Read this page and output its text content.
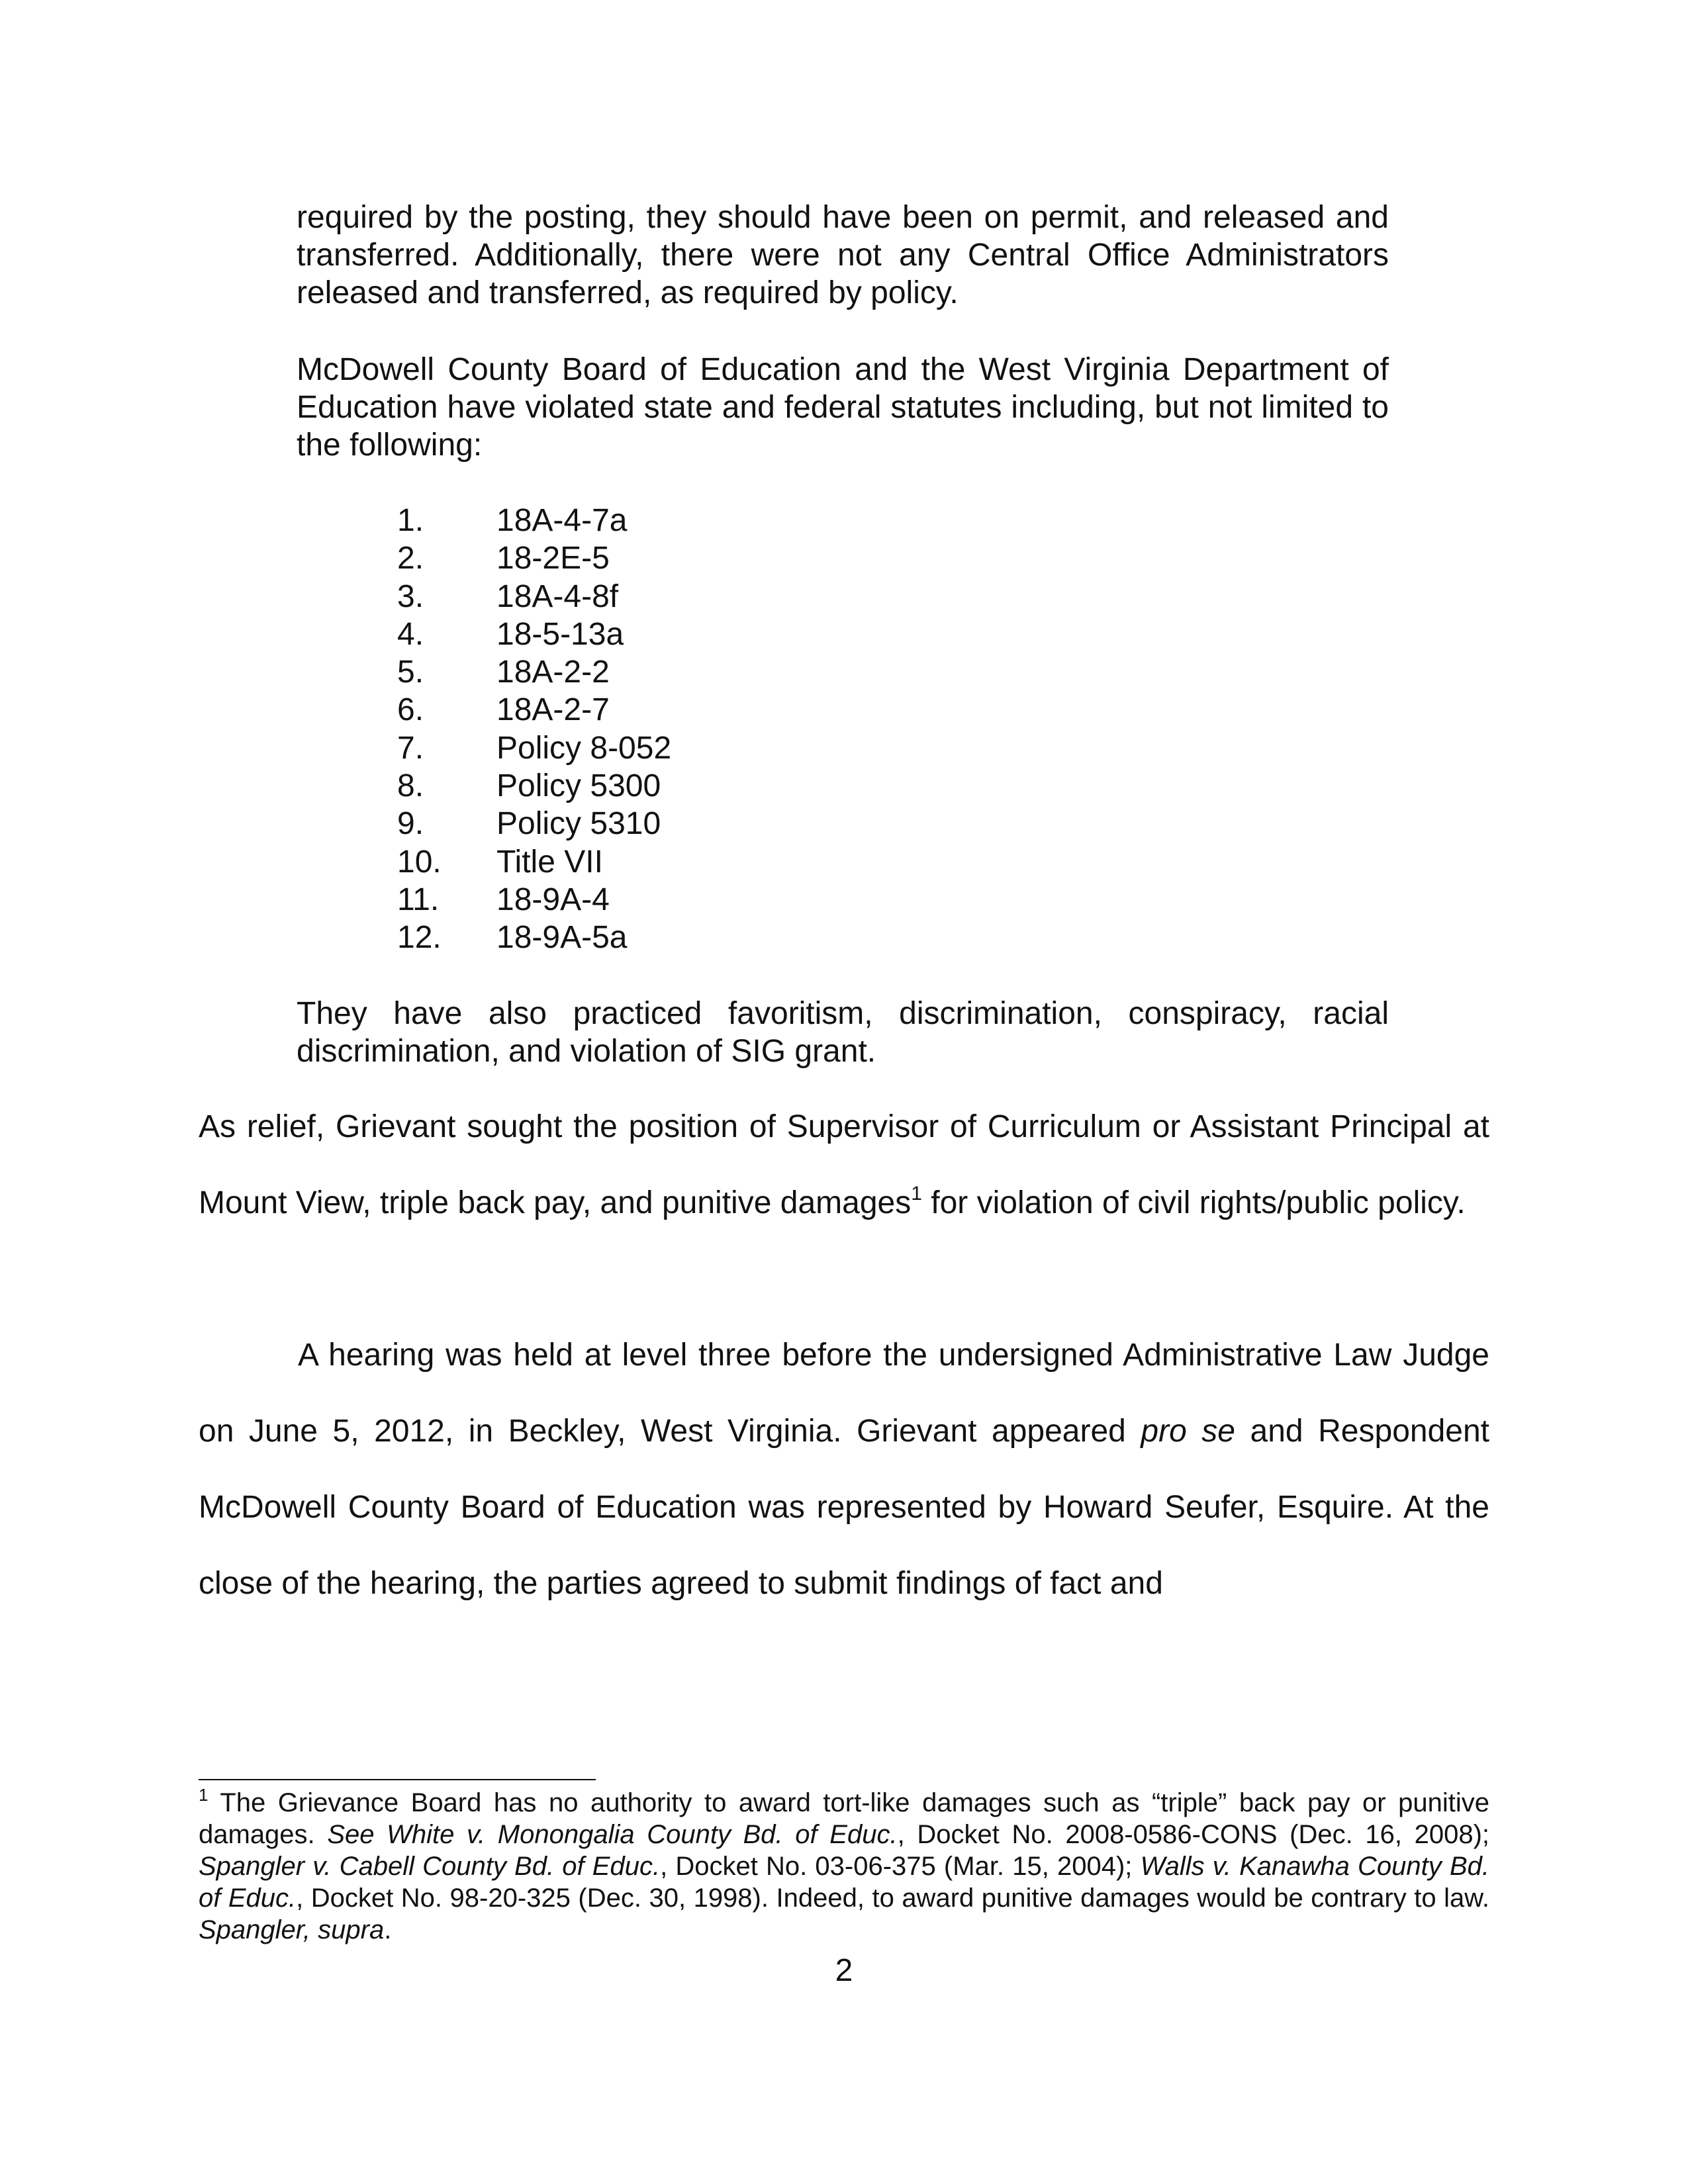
required by the posting, they should have been on permit, and released and transferred. Additionally, there were not any Central Office Administrators released and transferred, as required by policy.
McDowell County Board of Education and the West Virginia Department of Education have violated state and federal statutes including, but not limited to the following:
1.	18A-4-7a
2.	18-2E-5
3.	18A-4-8f
4.	18-5-13a
5.	18A-2-2
6.	18A-2-7
7.	Policy 8-052
8.	Policy 5300
9.	Policy 5310
10.	Title VII
11.	18-9A-4
12.	18-9A-5a
They have also practiced favoritism, discrimination, conspiracy, racial discrimination, and violation of SIG grant.
As relief, Grievant sought the position of Supervisor of Curriculum or Assistant Principal at Mount View, triple back pay, and punitive damages$^1$ for violation of civil rights/public policy.
A hearing was held at level three before the undersigned Administrative Law Judge on June 5, 2012, in Beckley, West Virginia. Grievant appeared pro se and Respondent McDowell County Board of Education was represented by Howard Seufer, Esquire. At the close of the hearing, the parties agreed to submit findings of fact and
$^1$ The Grievance Board has no authority to award tort-like damages such as “triple” back pay or punitive damages. See White v. Monongalia County Bd. of Educ., Docket No. 2008-0586-CONS (Dec. 16, 2008); Spangler v. Cabell County Bd. of Educ., Docket No. 03-06-375 (Mar. 15, 2004); Walls v. Kanawha County Bd. of Educ., Docket No. 98-20-325 (Dec. 30, 1998). Indeed, to award punitive damages would be contrary to law. Spangler, supra.
2
